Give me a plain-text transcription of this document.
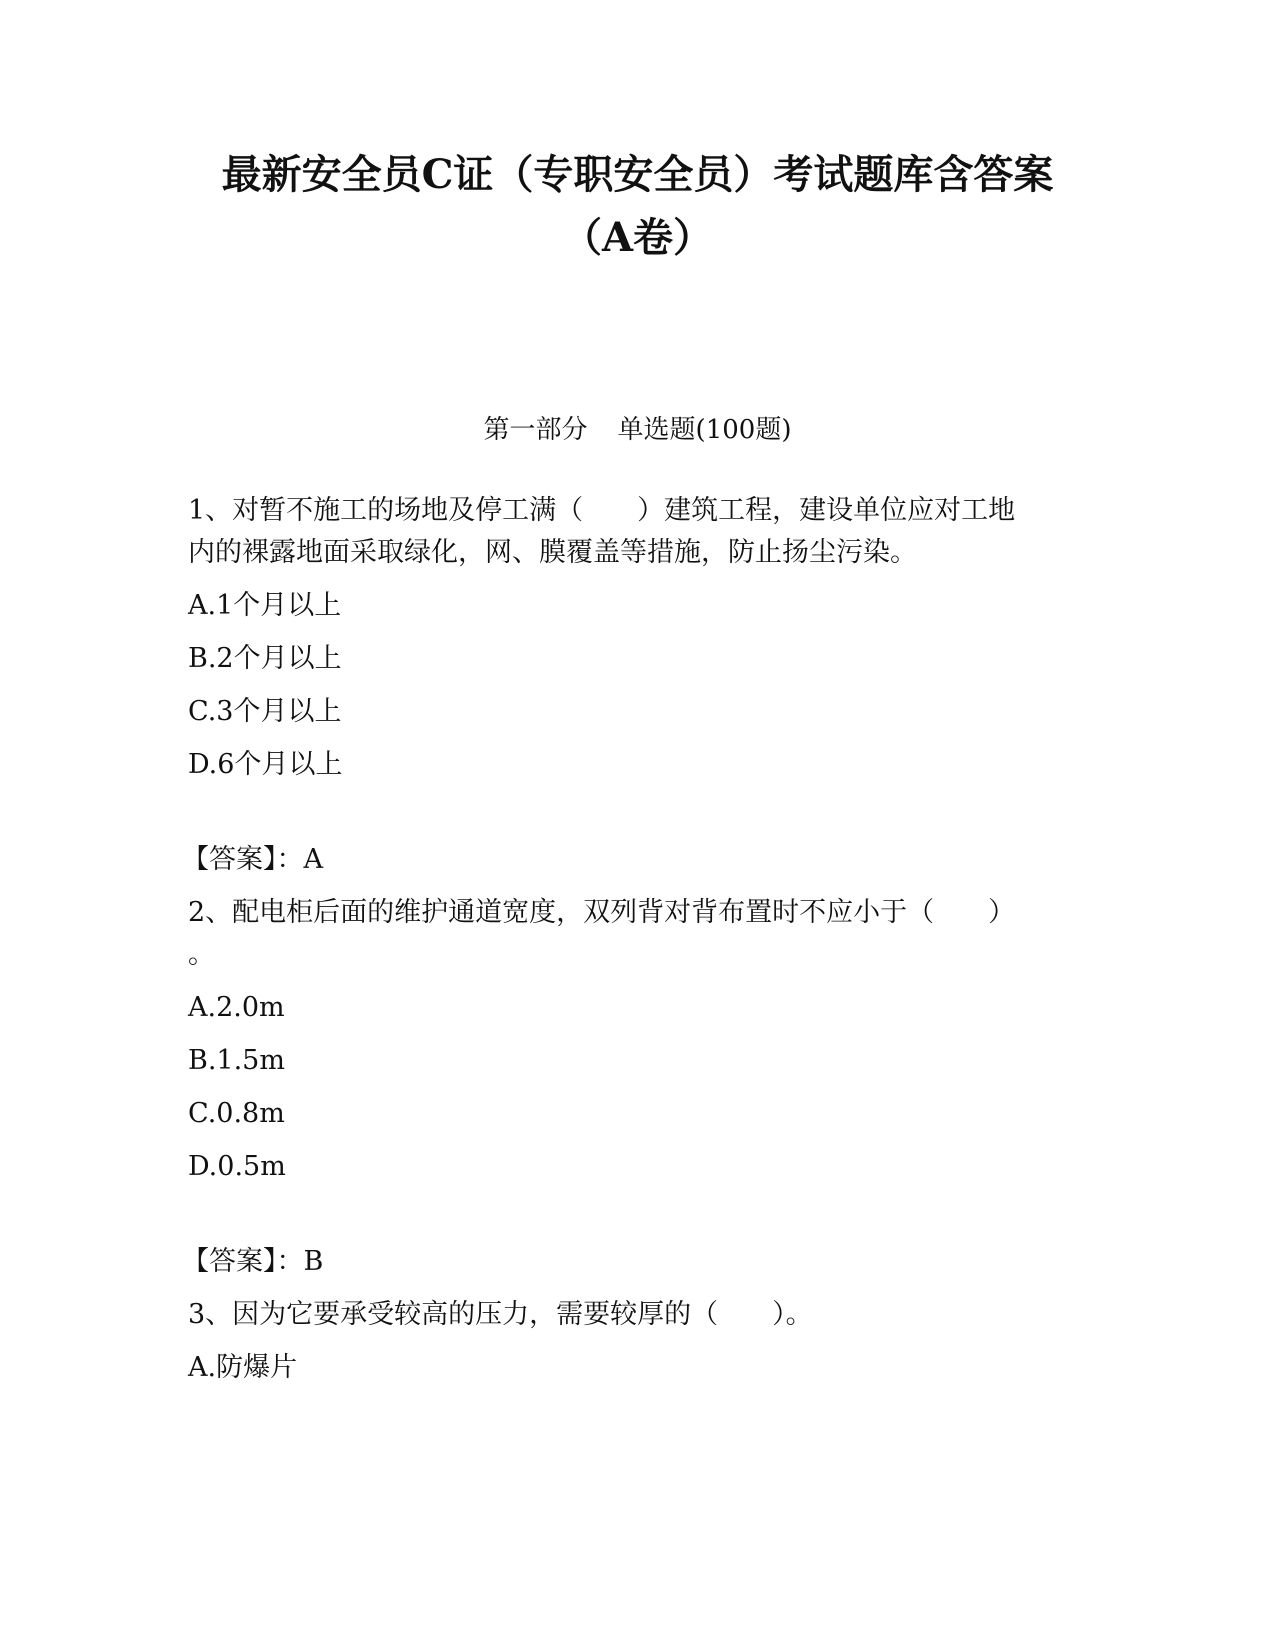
最新安全员C证（专职安全员）考试题库含答案
（A卷）
第一部分 单选题(100题)
1、对暂不施工的场地及停工满（　　）建筑工程，建设单位应对工地
内的裸露地面采取绿化，网、膜覆盖等措施，防止扬尘污染。
A.1个月以上
B.2个月以上
C.3个月以上
D.6个月以上
【答案】：A
2、配电柜后面的维护通道宽度，双列背对背布置时不应小于（　　）
。
A.2.0m
B.1.5m
C.0.8m
D.0.5m
【答案】：B
3、因为它要承受较高的压力，需要较厚的（　　）。
A.防爆片
